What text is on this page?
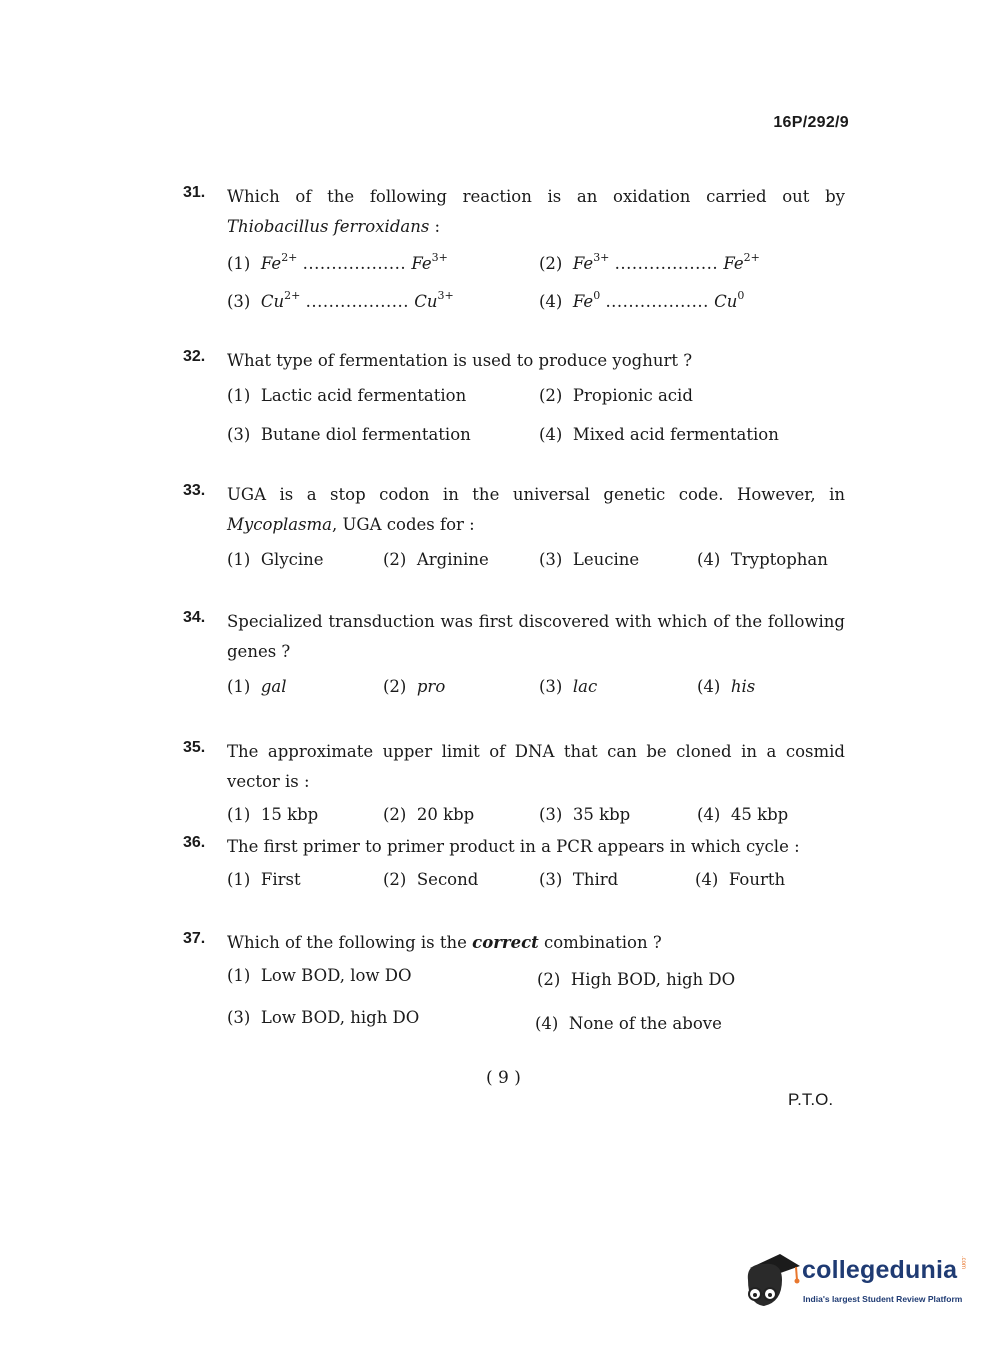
16P/292/9
31. Which of the following reaction is an oxidation carried out by Thiobacillus ferroxidans :
(1) $Fe^{2+}$ .................. $Fe^{3+}$	(2) $Fe^{3+}$ .................. $Fe^{2+}$
(3) $Cu^{2+}$ .................. $Cu^{3+}$	(4) Fe$^0$ .................. Cu$^0$
32. What type of fermentation is used to produce yoghurt ?
(1) Lactic acid fermentation	(2) Propionic acid
(3) Butane diol fermentation	(4) Mixed acid fermentation
33. UGA is a stop codon in the universal genetic code. However, in Mycoplasma, UGA codes for :
(1) Glycine	(2) Arginine	(3) Leucine	(4) Tryptophan
34. Specialized transduction was first discovered with which of the following genes ?
(1) gal	(2) pro	(3) lac	(4) his
35. The approximate upper limit of DNA that can be cloned in a cosmid vector is :
(1) 15 kbp	(2) 20 kbp	(3) 35 kbp	(4) 45 kbp
36. The first primer to primer product in a PCR appears in which cycle :
(1) First	(2) Second	(3) Third	(4) Fourth
37. Which of the following is the correct combination ?
(1) Low BOD, low DO	(2) High BOD, high DO
(3) Low BOD, high DO	(4) None of the above
( 9 )
P.T.O.
collegedunia .com
India's largest Student Review Platform
